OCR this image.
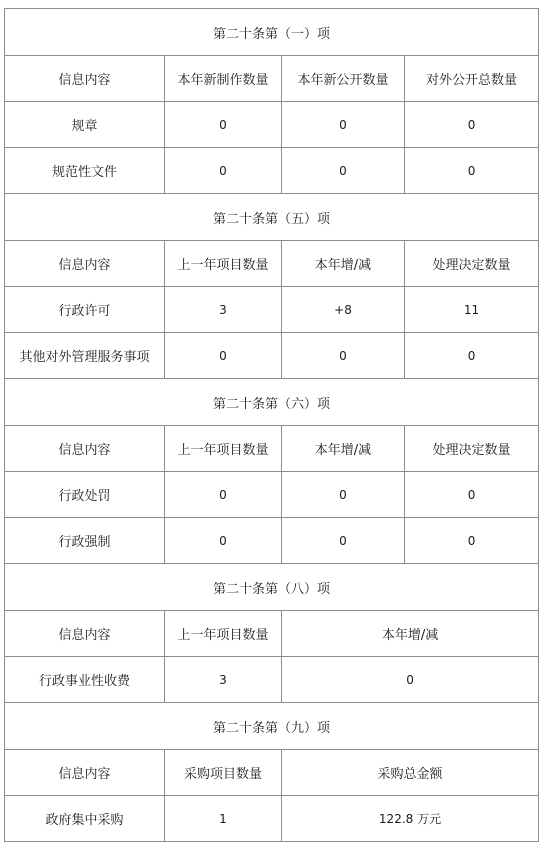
第二十条第（一）项			
信息内容	本年新制作数量	本年新公开数量	对外公开总数量
规章	0	0	0
规范性文件	0	0	0
第二十条第（五）项			
信息内容	上一年项目数量	本年增/减	处理决定数量
行政许可	3	+8	11
其他对外管理服务事项	0	0	0
第二十条第（六）项			
信息内容	上一年项目数量	本年增/减	处理决定数量
行政处罚	0	0	0
行政强制	0	0	0
第二十条第（八）项			
信息内容	上一年项目数量	本年增/减	
行政事业性收费	3	0	
第二十条第（九）项			
信息内容	采购项目数量	采购总金额	
政府集中采购	1	122.8 万元	
